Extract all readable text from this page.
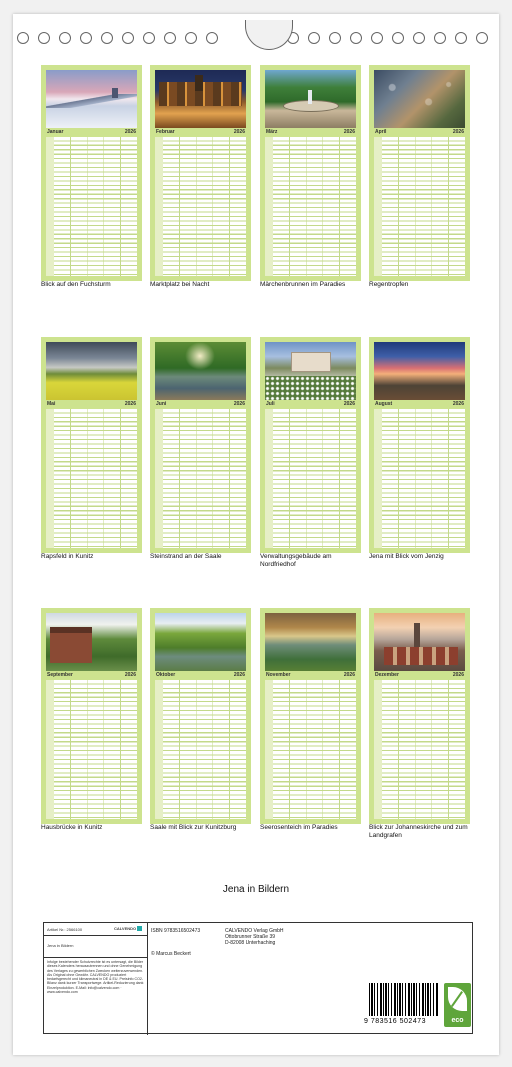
Januar	2026
Blick auf den Fuchsturm
Februar	2026
Marktplatz bei Nacht
März	2026
Märchenbrunnen im Paradies
April	2026
Regentropfen
Mai	2026
Rapsfeld in Kunitz
Juni	2026
Steinstrand an der Saale
Juli	2026
Verwaltungsgebäude am Nordfriedhof
August	2026
Jena mit Blick vom Jenzig
September	2026
Hausbrücke in Kunitz
Oktober	2026
Saale mit Blick zur Kunitzburg
November	2026
Seerosenteich im Paradies
Dezember	2026
Blick zur Johanneskirche und zum Landgrafen
Jena in Bildern
Artikel Nr.: 2566100	CALVENDO
Jena in Bildern
Infolge bestehender Schutzrechte ist es untersagt, die Bilder dieses Kalenders herauszutrennen und ohne Genehmigung des Verlages zu gewerblichen Zwecken weiterzuverwenden. Als Original ohne Gewähr. CALVENDO produziert bedarfsgerecht und klimaneutral in DE & EU. Preisinfo CO2-Bilanz dank kurzer Transportwege. Artikel-Reduzierung dank Einzelproduktion. E-Mail: info@calvendo.com · www.calvendo.com
ISBN 9783516502473
© Marcus Beckert
CALVENDO Verlag GmbH
Ottobrunner Straße 39
D-82008 Unterhaching
9 783516 502473	eco
